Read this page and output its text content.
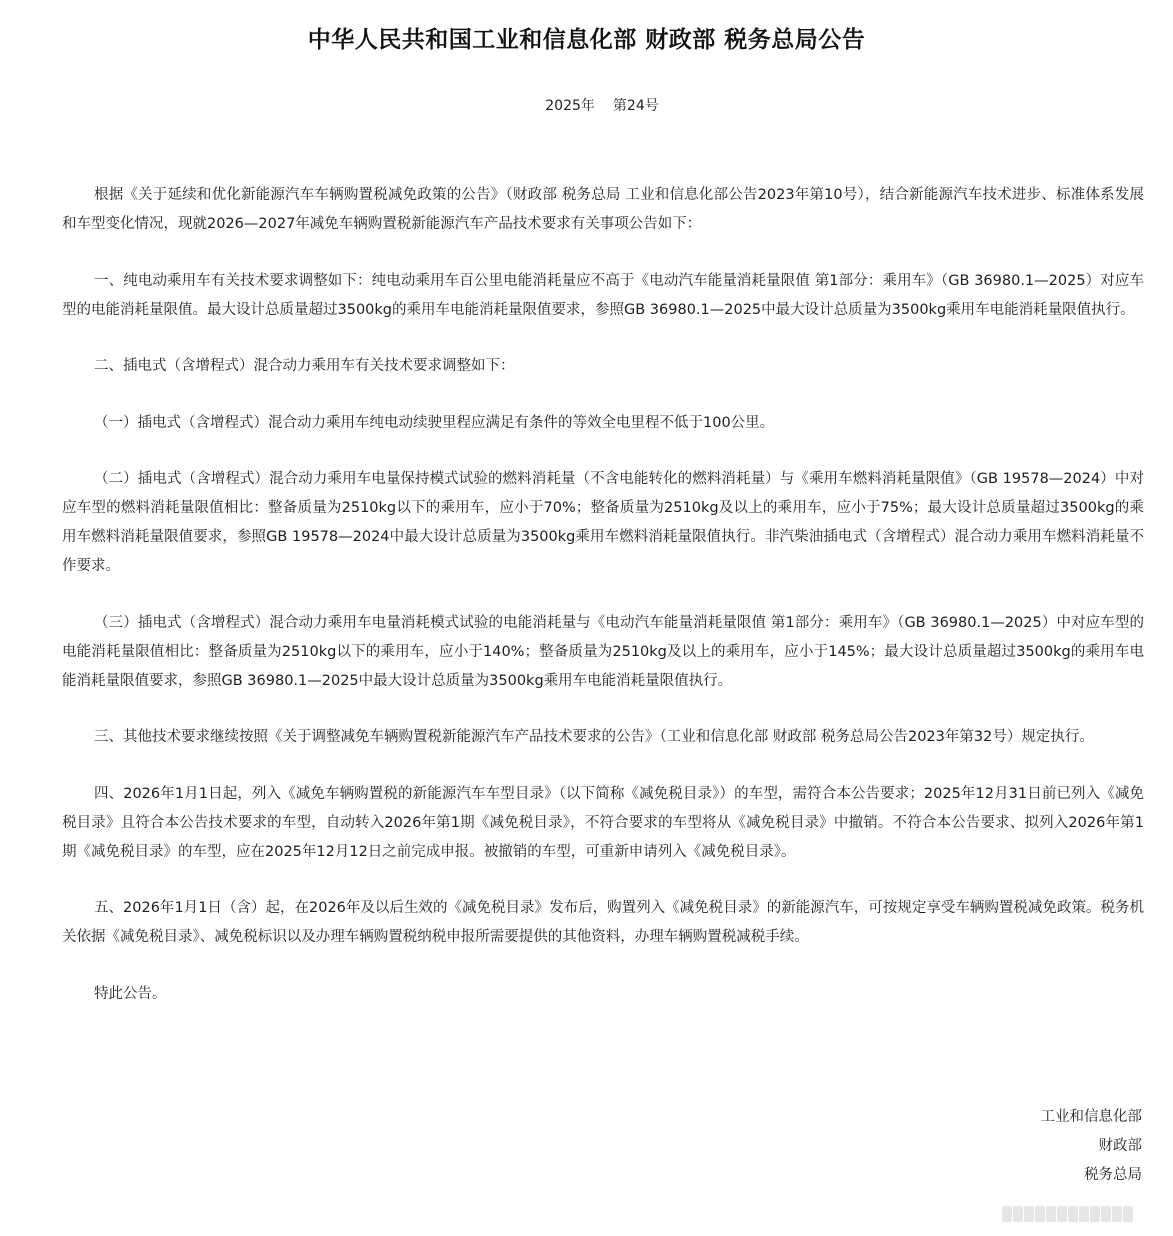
中华人民共和国工业和信息化部 财政部 税务总局公告
2025年 第24号

根据《关于延续和优化新能源汽车车辆购置税减免政策的公告》（财政部 税务总局 工业和信息化部公告2023年第10号），结合新能源汽车技术进步、标准体系发展和车型变化情况，现就2026—2027年减免车辆购置税新能源汽车产品技术要求有关事项公告如下：

一、纯电动乘用车有关技术要求调整如下：纯电动乘用车百公里电能消耗量应不高于《电动汽车能量消耗量限值 第1部分：乘用车》（GB 36980.1—2025）对应车型的电能消耗量限值。最大设计总质量超过3500kg的乘用车电能消耗量限值要求，参照GB 36980.1—2025中最大设计总质量为3500kg乘用车电能消耗量限值执行。

二、插电式（含增程式）混合动力乘用车有关技术要求调整如下：

（一）插电式（含增程式）混合动力乘用车纯电动续驶里程应满足有条件的等效全电里程不低于100公里。

（二）插电式（含增程式）混合动力乘用车电量保持模式试验的燃料消耗量（不含电能转化的燃料消耗量）与《乘用车燃料消耗量限值》（GB 19578—2024）中对应车型的燃料消耗量限值相比：整备质量为2510kg以下的乘用车，应小于70%；整备质量为2510kg及以上的乘用车，应小于75%；最大设计总质量超过3500kg的乘用车燃料消耗量限值要求，参照GB 19578—2024中最大设计总质量为3500kg乘用车燃料消耗量限值执行。非汽柴油插电式（含增程式）混合动力乘用车燃料消耗量不作要求。

（三）插电式（含增程式）混合动力乘用车电量消耗模式试验的电能消耗量与《电动汽车能量消耗量限值 第1部分：乘用车》（GB 36980.1—2025）中对应车型的电能消耗量限值相比：整备质量为2510kg以下的乘用车，应小于140%；整备质量为2510kg及以上的乘用车，应小于145%；最大设计总质量超过3500kg的乘用车电能消耗量限值要求，参照GB 36980.1—2025中最大设计总质量为3500kg乘用车电能消耗量限值执行。

三、其他技术要求继续按照《关于调整减免车辆购置税新能源汽车产品技术要求的公告》（工业和信息化部 财政部 税务总局公告2023年第32号）规定执行。

四、2026年1月1日起，列入《减免车辆购置税的新能源汽车车型目录》（以下简称《减免税目录》）的车型，需符合本公告要求；2025年12月31日前已列入《减免税目录》且符合本公告技术要求的车型，自动转入2026年第1期《减免税目录》，不符合要求的车型将从《减免税目录》中撤销。不符合本公告要求、拟列入2026年第1期《减免税目录》的车型，应在2025年12月12日之前完成申报。被撤销的车型，可重新申请列入《减免税目录》。

五、2026年1月1日（含）起，在2026年及以后生效的《减免税目录》发布后，购置列入《减免税目录》的新能源汽车，可按规定享受车辆购置税减免政策。税务机关依据《减免税目录》、减免税标识以及办理车辆购置税纳税申报所需要提供的其他资料，办理车辆购置税减税手续。

特此公告。

工业和信息化部
财政部
税务总局
